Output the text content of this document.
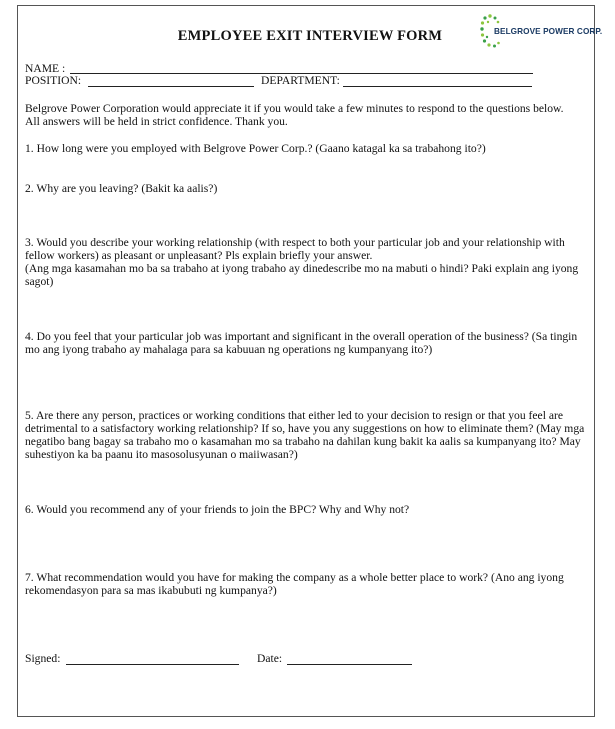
EMPLOYEE EXIT INTERVIEW FORM	BELGROVE POWER CORP.
NAME :
POSITION:	DEPARTMENT:
Belgrove Power Corporation would appreciate it if you would take a few minutes to respond to the questions below.
All answers will be held in strict confidence. Thank you.
1. How long were you employed with Belgrove Power Corp.? (Gaano katagal ka sa trabahong ito?)
2. Why are you leaving? (Bakit ka aalis?)
3. Would you describe your working relationship (with respect to both your particular job and your relationship with fellow workers) as pleasant or unpleasant? Pls explain briefly your answer.
(Ang mga kasamahan mo ba sa trabaho at iyong trabaho ay dinedescribe mo na mabuti o hindi? Paki explain ang iyong sagot)
4. Do you feel that your particular job was important and significant in the overall operation of the business? (Sa tingin mo ang iyong trabaho ay mahalaga para sa kabuuan ng operations ng kumpanyang ito?)
5. Are there any person, practices or working conditions that either led to your decision to resign or that you feel are detrimental to a satisfactory working relationship? If so, have you any suggestions on how to eliminate them? (May mga negatibo bang bagay sa trabaho mo o kasamahan mo sa trabaho na dahilan kung bakit ka aalis sa kumpanyang ito? May suhestiyon ka ba paanu ito masosolusyunan o maiiwasan?)
6. Would you recommend any of your friends to join the BPC? Why and Why not?
7. What recommendation would you have for making the company as a whole better place to work? (Ano ang iyong rekomendasyon para sa mas ikabubuti ng kumpanya?)
Signed:	Date:
